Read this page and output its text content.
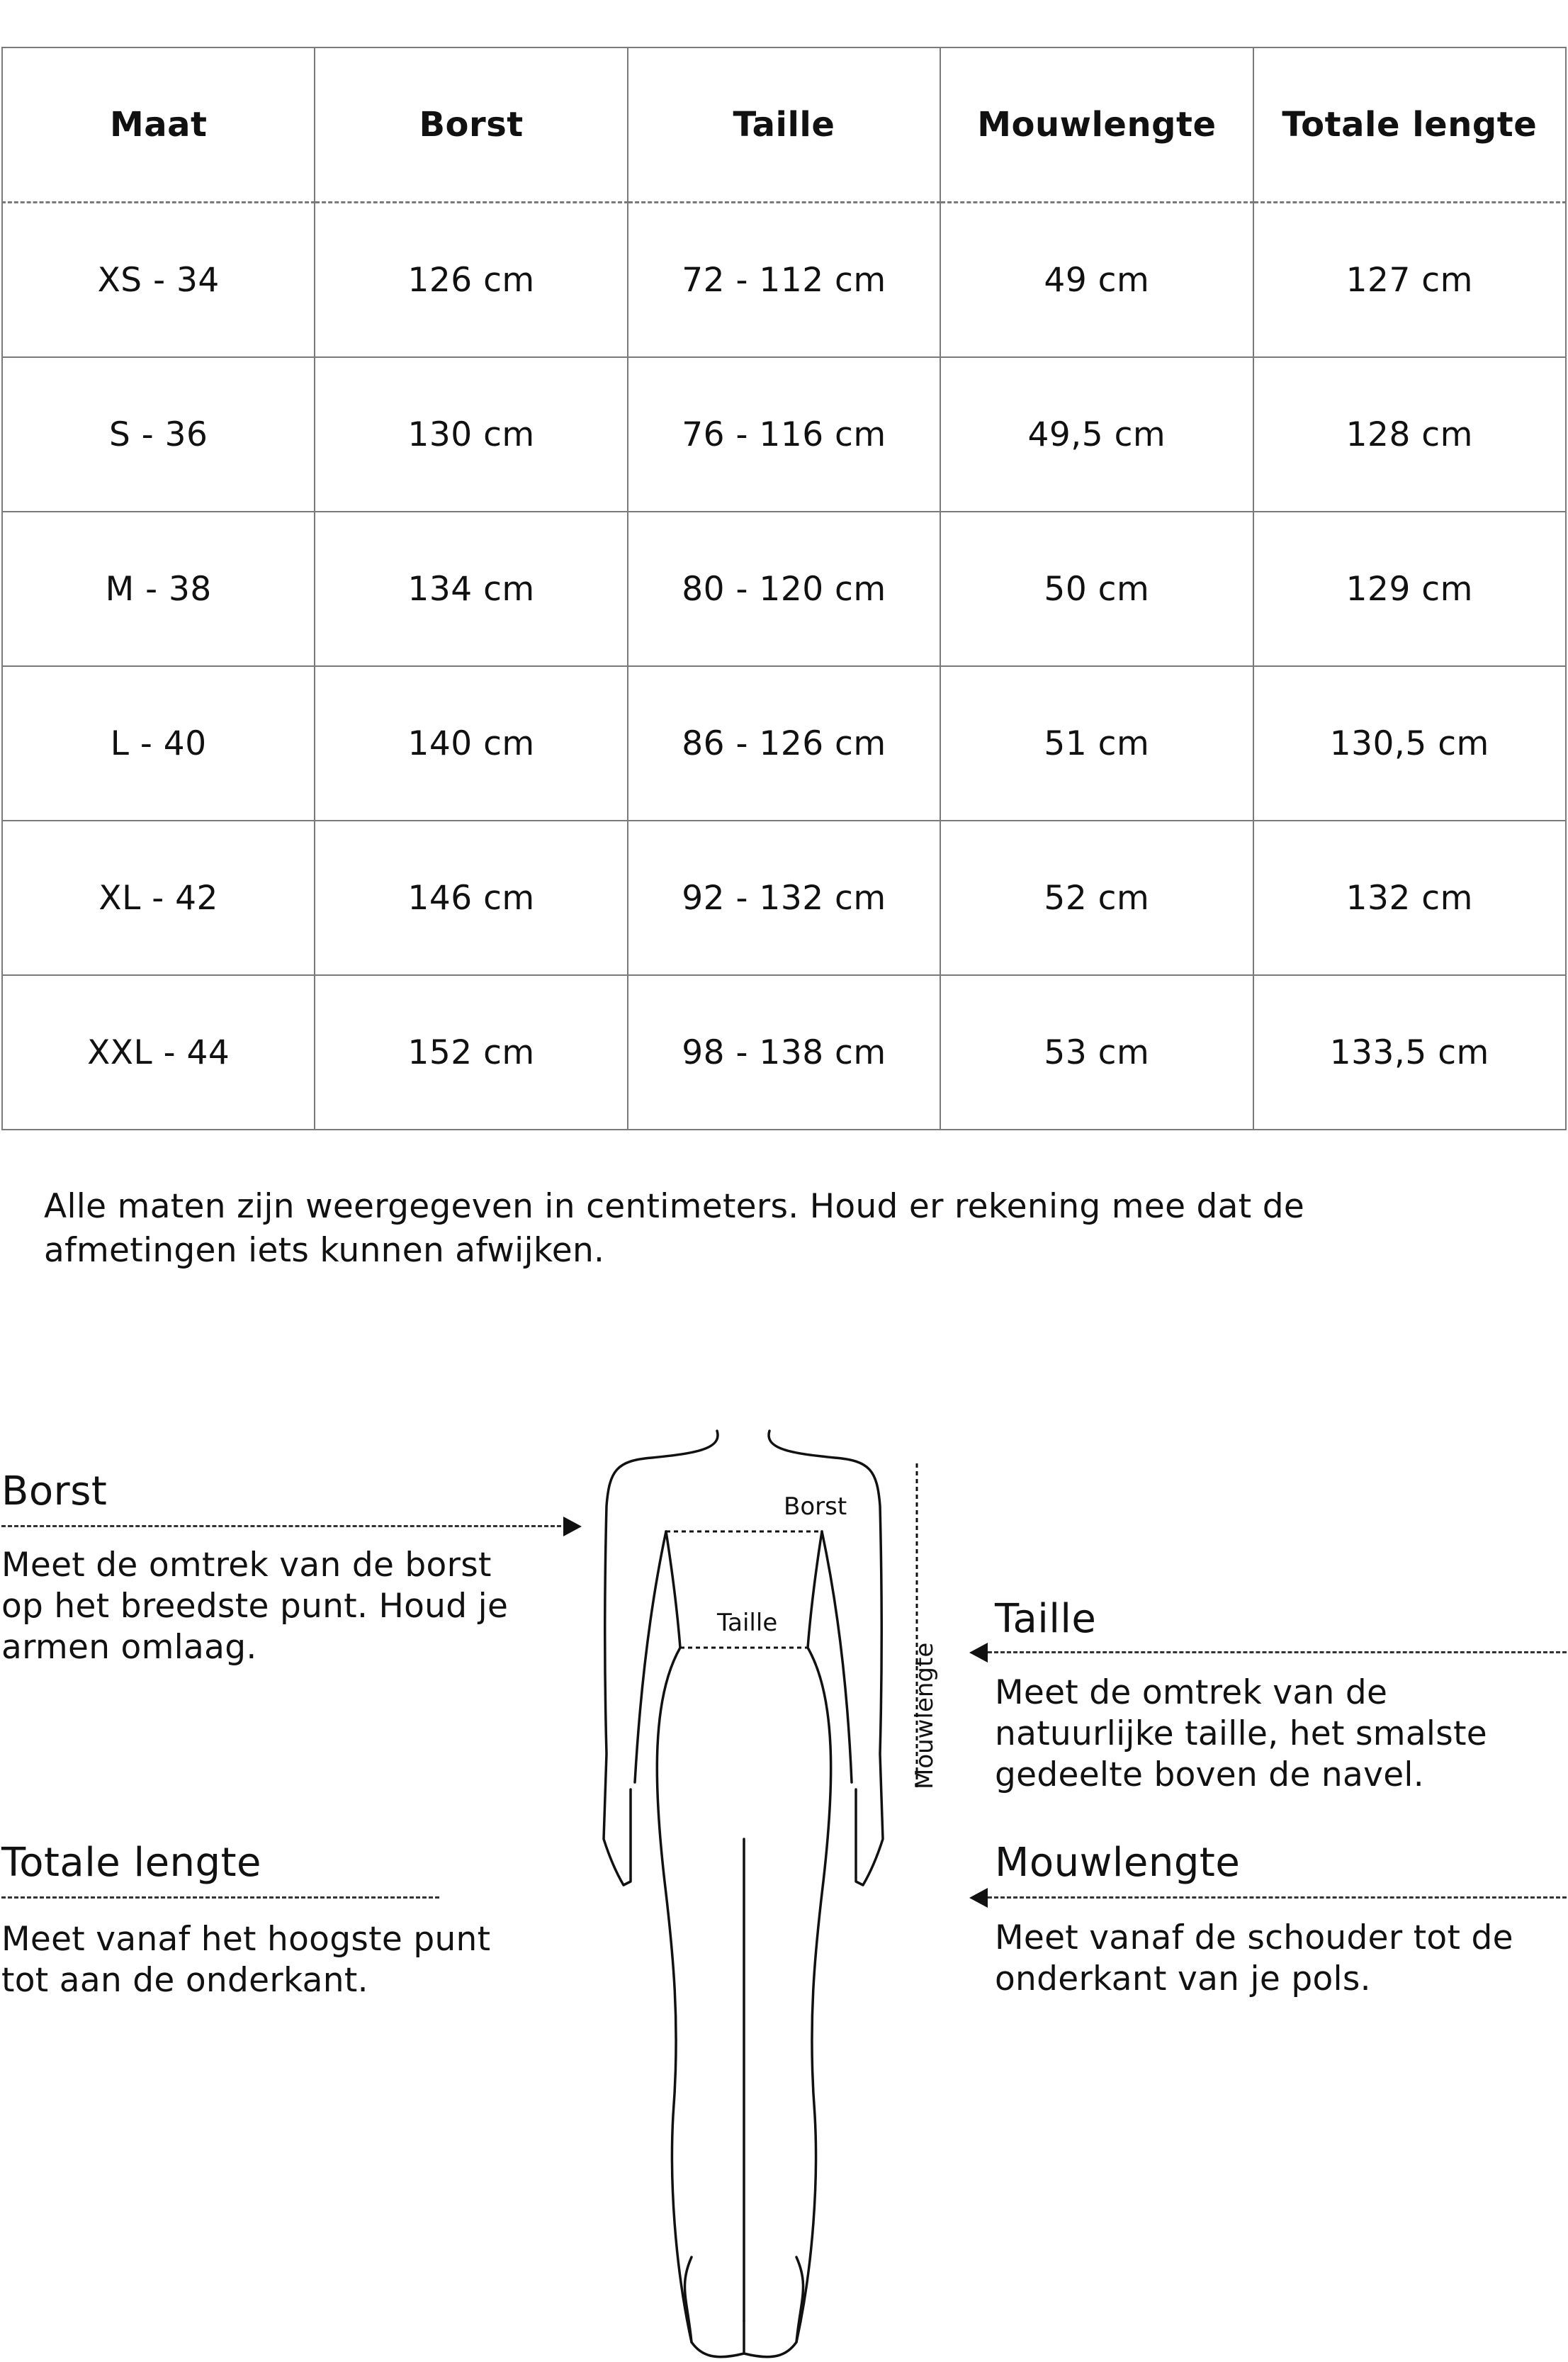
Maat	Borst	Taille	Mouwlengte	Totale lengte
XS - 34	126 cm	72 - 112 cm	49 cm	127 cm
S - 36	130 cm	76 - 116 cm	49,5 cm	128 cm
M - 38	134 cm	80 - 120 cm	50 cm	129 cm
L - 40	140 cm	86 - 126 cm	51 cm	130,5 cm
XL - 42	146 cm	92 - 132 cm	52 cm	132 cm
XXL - 44	152 cm	98 - 138 cm	53 cm	133,5 cm
Alle maten zijn weergegeven in centimeters. Houd er rekening mee dat de
afmetingen iets kunnen afwijken.
Borst
Meet de omtrek van de borst
op het breedste punt. Houd je
armen omlaag.
Totale lengte
Meet vanaf het hoogste punt
tot aan de onderkant.
Taille
Meet de omtrek van de
natuurlijke taille, het smalste
gedeelte boven de navel.
Mouwlengte
Meet vanaf de schouder tot de
onderkant van je pols.
Borst
Taille
Mouwlengte
